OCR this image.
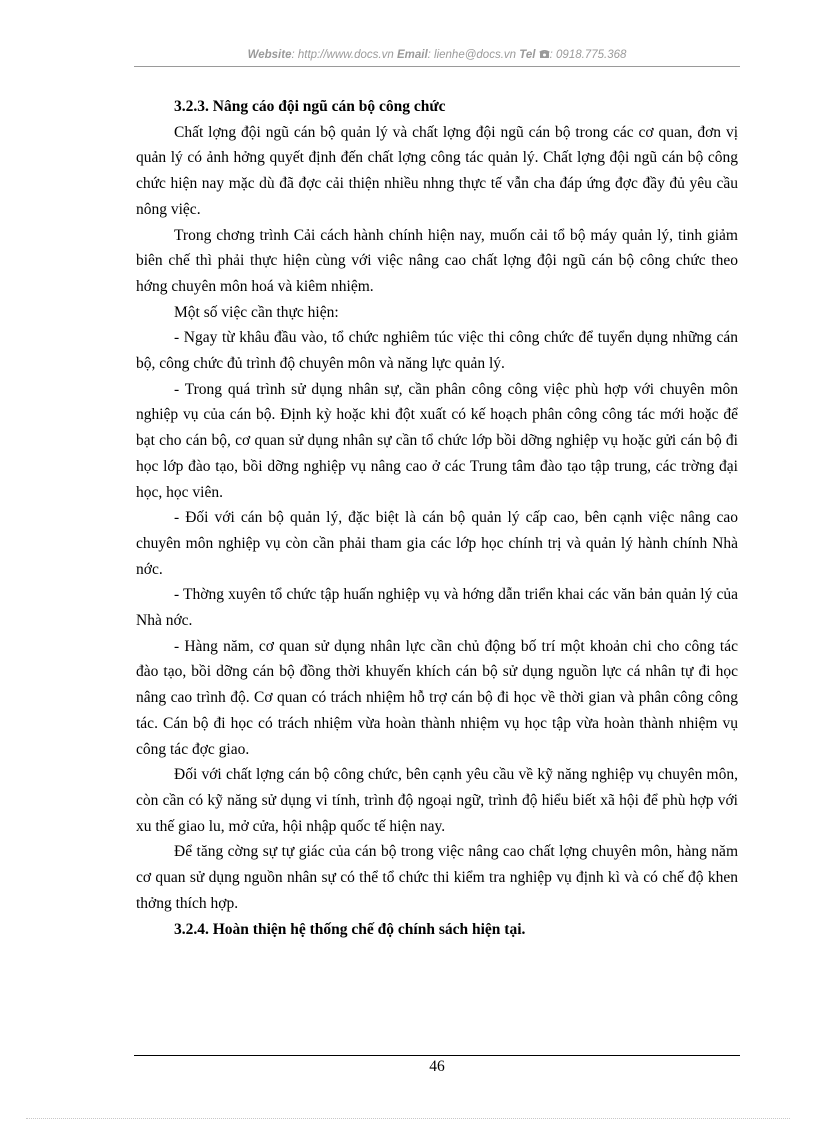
Website: http://www.docs.vn Email: lienhe@docs.vn Tel : 0918.775.368
3.2.3. Nâng cáo đội ngũ cán bộ công chức

Chất lợng đội ngũ cán bộ quản lý và chất lợng đội ngũ cán bộ trong các cơ quan, đơn vị quản lý có ảnh hởng quyết định đến chất lợng công tác quản lý. Chất lợng đội ngũ cán bộ công chức hiện nay mặc dù đã đợc cải thiện nhiều nhng thực tế vẫn cha đáp ứng đợc đầy đủ yêu cầu nông việc.

Trong chơng trình Cải cách hành chính hiện nay, muốn cải tổ bộ máy quản lý, tinh giảm biên chế thì phải thực hiện cùng với việc nâng cao chất lợng đội ngũ cán bộ công chức theo hớng chuyên môn hoá và kiêm nhiệm.

Một số việc cần thực hiện:

- Ngay từ khâu đầu vào, tổ chức nghiêm túc việc thi công chức để tuyển dụng những cán bộ, công chức đủ trình độ chuyên môn và năng lực quản lý.

- Trong quá trình sử dụng nhân sự, cần phân công công việc phù hợp với chuyên môn nghiệp vụ của cán bộ. Định kỳ hoặc khi đột xuất có kế hoạch phân công công tác mới hoặc để bạt cho cán bộ, cơ quan sử dụng nhân sự cần tổ chức lớp bồi dỡng nghiệp vụ hoặc gửi cán bộ đi học lớp đào tạo, bồi dỡng nghiệp vụ nâng cao ở các Trung tâm đào tạo tập trung, các trờng đại học, học viên.

- Đối với cán bộ quản lý, đặc biệt là cán bộ quản lý cấp cao, bên cạnh việc nâng cao chuyên môn nghiệp vụ còn cần phải tham gia các lớp học chính trị và quản lý hành chính Nhà nớc.

- Thờng xuyên tổ chức tập huấn nghiệp vụ và hớng dẫn triển khai các văn bản quản lý của Nhà nớc.

- Hàng năm, cơ quan sử dụng nhân lực cần chủ động bố trí một khoản chi cho công tác đào tạo, bồi dỡng cán bộ đồng thời khuyến khích cán bộ sử dụng nguồn lực cá nhân tự đi học nâng cao trình độ. Cơ quan có trách nhiệm hỗ trợ cán bộ đi học về thời gian và phân công công tác. Cán bộ đi học có trách nhiệm vừa hoàn thành nhiệm vụ học tập vừa hoàn thành nhiệm vụ công tác đợc giao.

Đối với chất lợng cán bộ công chức, bên cạnh yêu cầu về kỹ năng nghiệp vụ chuyên môn, còn cần có kỹ năng sử dụng vi tính, trình độ ngoại ngữ, trình độ hiểu biết xã hội để phù hợp với xu thế giao lu, mở cửa, hội nhập quốc tế hiện nay.

Để tăng cờng sự tự giác của cán bộ trong việc nâng cao chất lợng chuyên môn, hàng năm cơ quan sử dụng nguồn nhân sự có thể tổ chức thi kiểm tra nghiệp vụ định kì và có chế độ khen thởng thích hợp.

3.2.4. Hoàn thiện hệ thống chế độ chính sách hiện tại.
46
